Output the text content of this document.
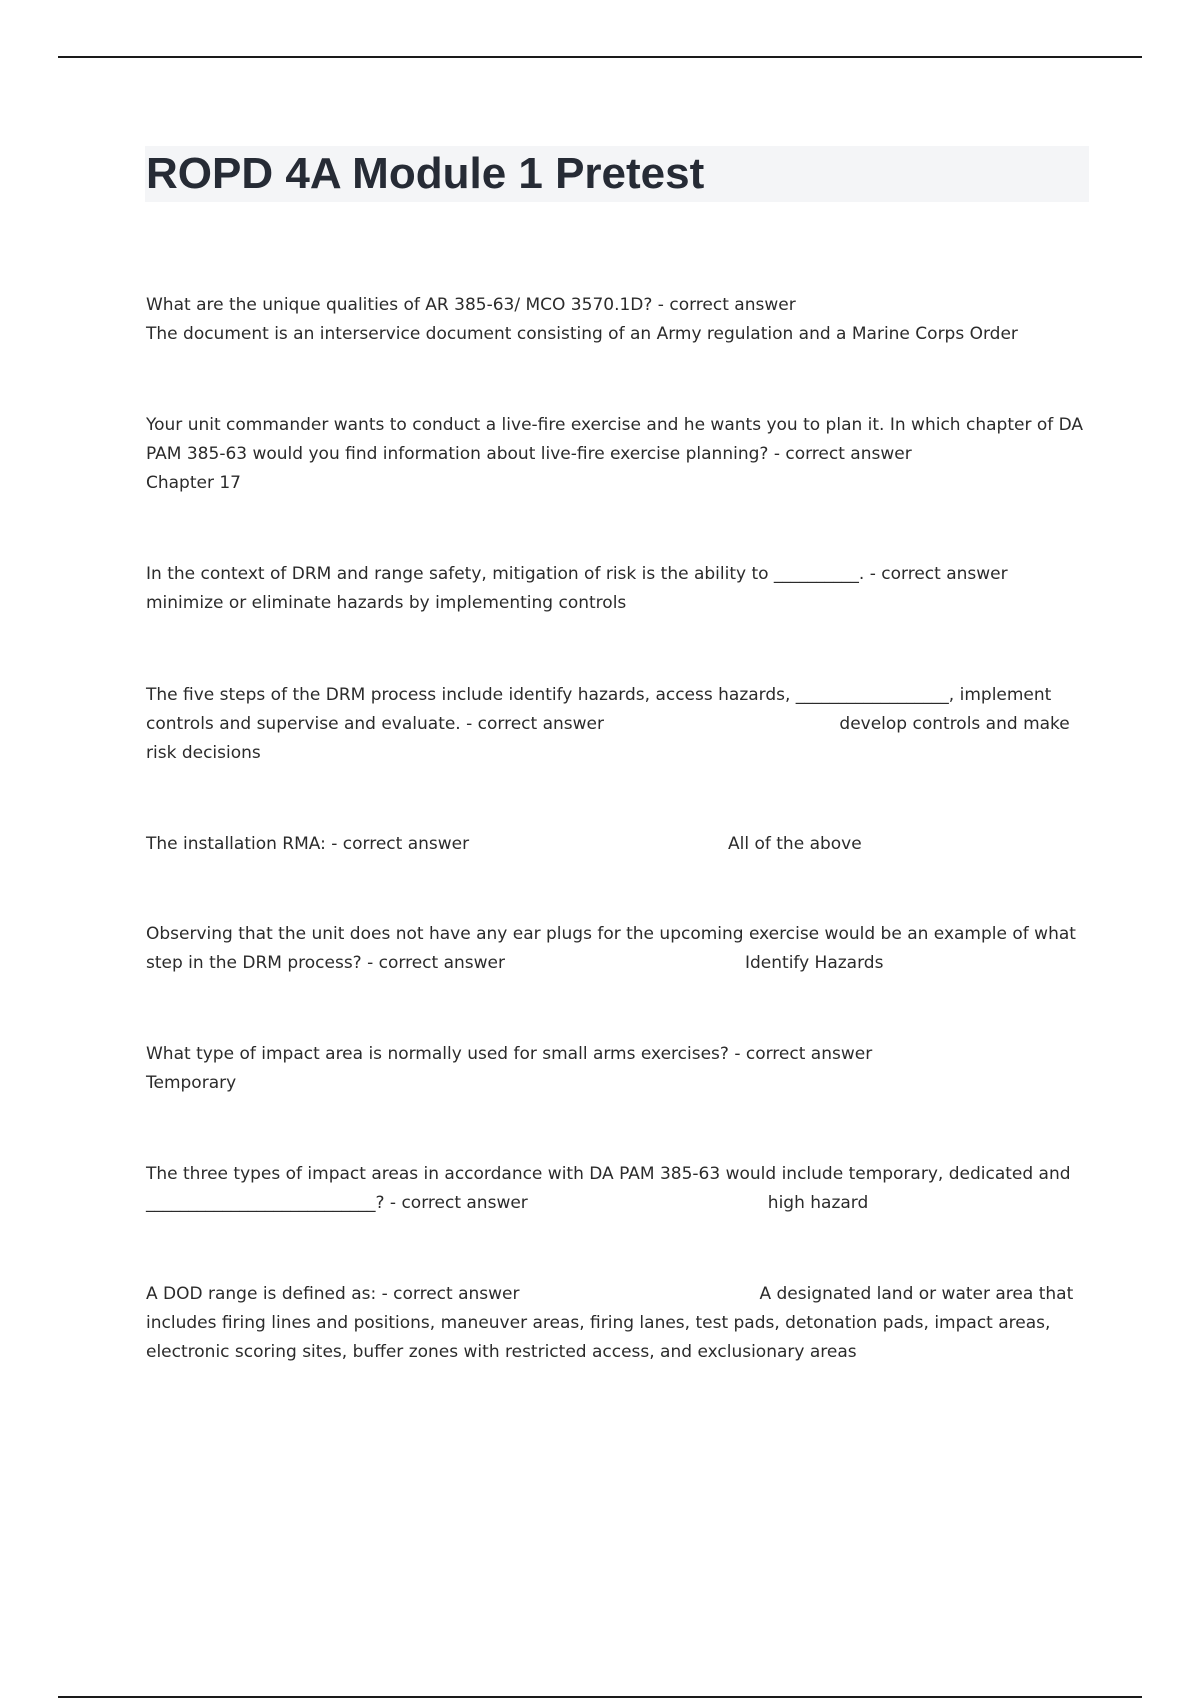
ROPD 4A Module 1 Pretest
What are the unique qualities of AR 385-63/ MCO 3570.1D? - correct answer
The document is an interservice document consisting of an Army regulation and a Marine Corps Order
Your unit commander wants to conduct a live-fire exercise and he wants you to plan it. In which chapter of DA PAM 385-63 would you find information about live-fire exercise planning? - correct answer
Chapter 17
In the context of DRM and range safety, mitigation of risk is the ability to __________. - correct answer
minimize or eliminate hazards by implementing controls
The five steps of the DRM process include identify hazards, access hazards, __________________, implement controls and supervise and evaluate. - correct answer	develop controls and make risk decisions
The installation RMA: - correct answer	All of the above
Observing that the unit does not have any ear plugs for the upcoming exercise would be an example of what step in the DRM process? - correct answer	Identify Hazards
What type of impact area is normally used for small arms exercises? - correct answer
Temporary
The three types of impact areas in accordance with DA PAM 385-63 would include temporary, dedicated and ___________________________? - correct answer	high hazard
A DOD range is defined as: - correct answer	A designated land or water area that includes firing lines and positions, maneuver areas, firing lanes, test pads, detonation pads, impact areas, electronic scoring sites, buffer zones with restricted access, and exclusionary areas
